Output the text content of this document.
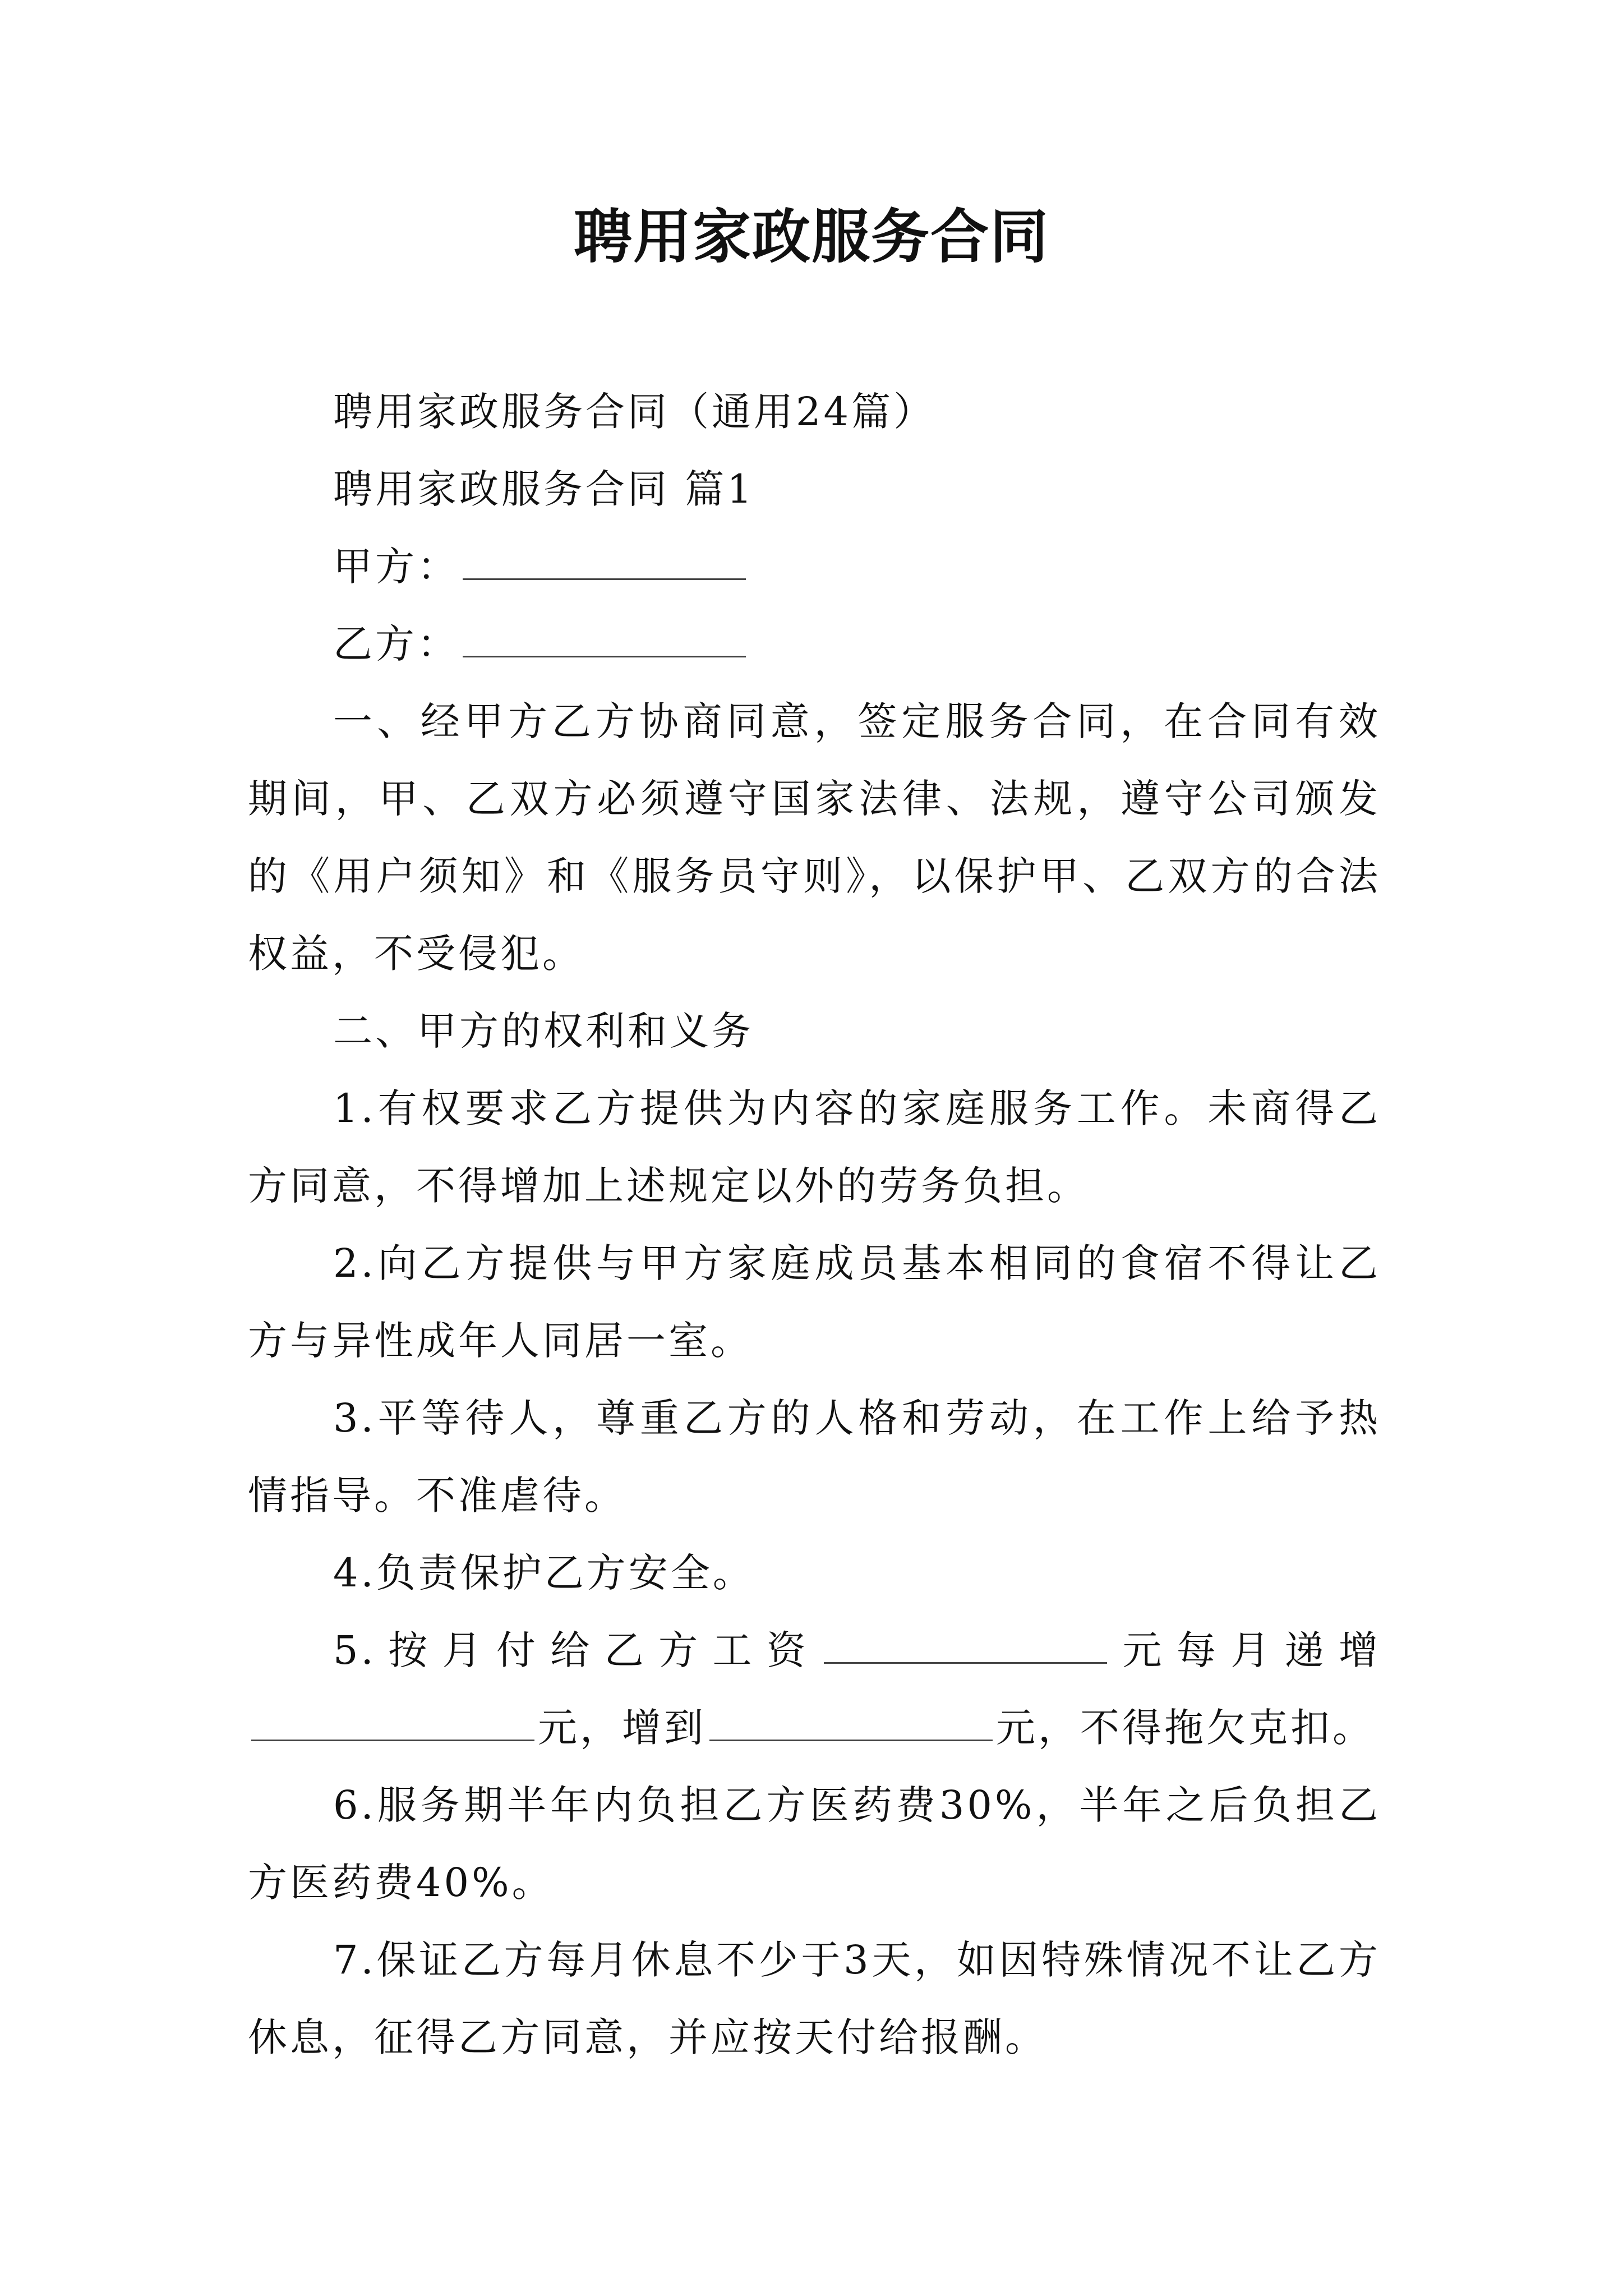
聘用家政服务合同

聘用家政服务合同（通用24篇）

聘用家政服务合同 篇1

甲方：

乙方：

一、经甲方乙方协商同意，签定服务合同，在合同有效期间，甲、乙双方必须遵守国家法律、法规，遵守公司颁发的《用户须知》和《服务员守则》，以保护甲、乙双方的合法权益，不受侵犯。

二、甲方的权利和义务

1.有权要求乙方提供为内容的家庭服务工作。未商得乙方同意，不得增加上述规定以外的劳务负担。

2.向乙方提供与甲方家庭成员基本相同的食宿不得让乙方与异性成年人同居一室。

3.平等待人，尊重乙方的人格和劳动，在工作上给予热情指导。不准虐待。

4.负责保护乙方安全。

5.按月付给乙方工资	元每月递增元，增到	元，不得拖欠克扣。

6.服务期半年内负担乙方医药费30%，半年之后负担乙方医药费40%。

7.保证乙方每月休息不少于3天，如因特殊情况不让乙方休息，征得乙方同意，并应按天付给报酬。
